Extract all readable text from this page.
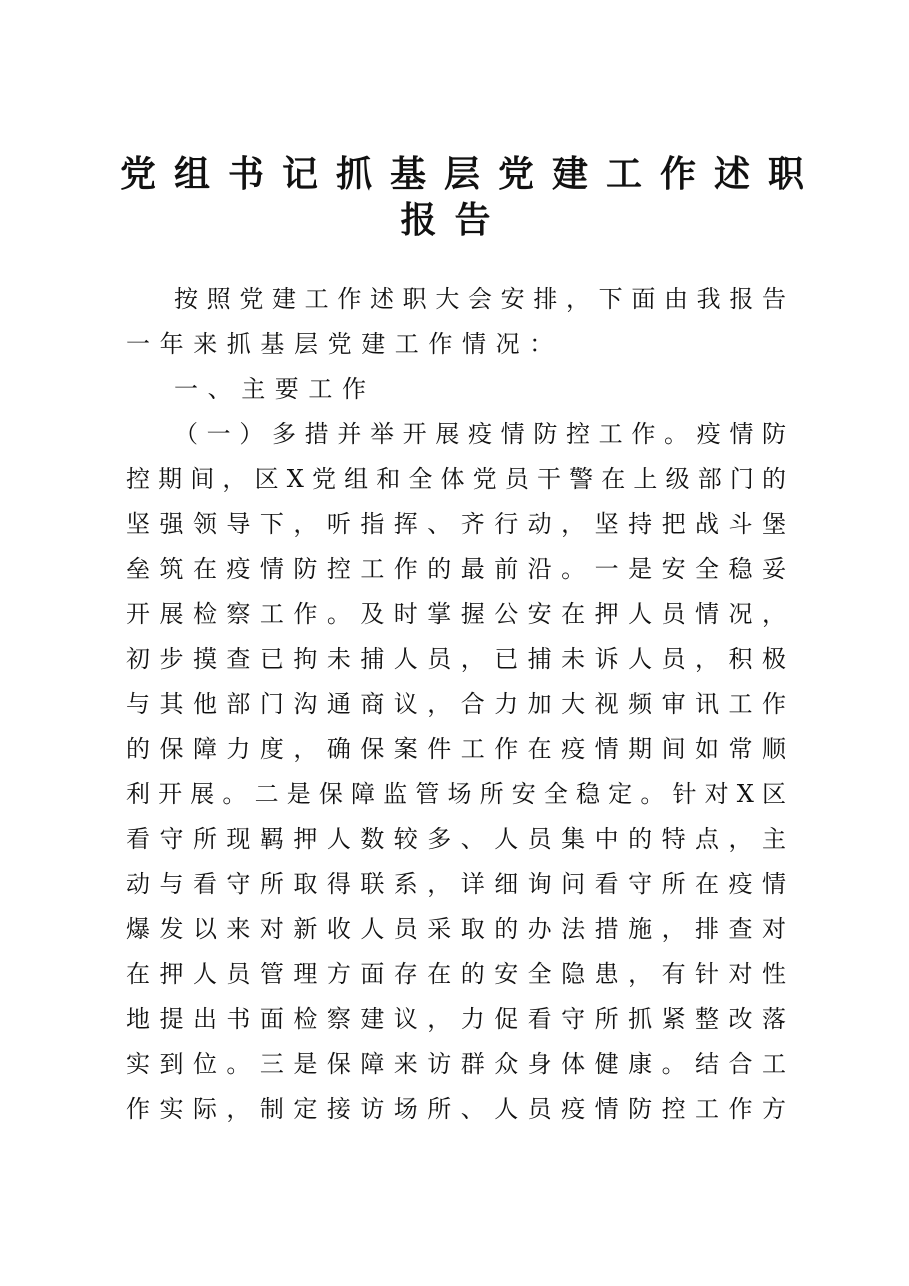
党组书记抓基层党建工作述职
报告
按照党建工作述职大会安排，下面由我报告
一年来抓基层党建工作情况：
一、主要工作
（一）多措并举开展疫情防控工作。疫情防
控期间，区X党组和全体党员干警在上级部门的
坚强领导下，听指挥、齐行动，坚持把战斗堡
垒筑在疫情防控工作的最前沿。一是安全稳妥
开展检察工作。及时掌握公安在押人员情况，
初步摸查已拘未捕人员，已捕未诉人员，积极
与其他部门沟通商议，合力加大视频审讯工作
的保障力度，确保案件工作在疫情期间如常顺
利开展。二是保障监管场所安全稳定。针对X区
看守所现羁押人数较多、人员集中的特点，主
动与看守所取得联系，详细询问看守所在疫情
爆发以来对新收人员采取的办法措施，排查对
在押人员管理方面存在的安全隐患，有针对性
地提出书面检察建议，力促看守所抓紧整改落
实到位。三是保障来访群众身体健康。结合工
作实际，制定接访场所、人员疫情防控工作方
